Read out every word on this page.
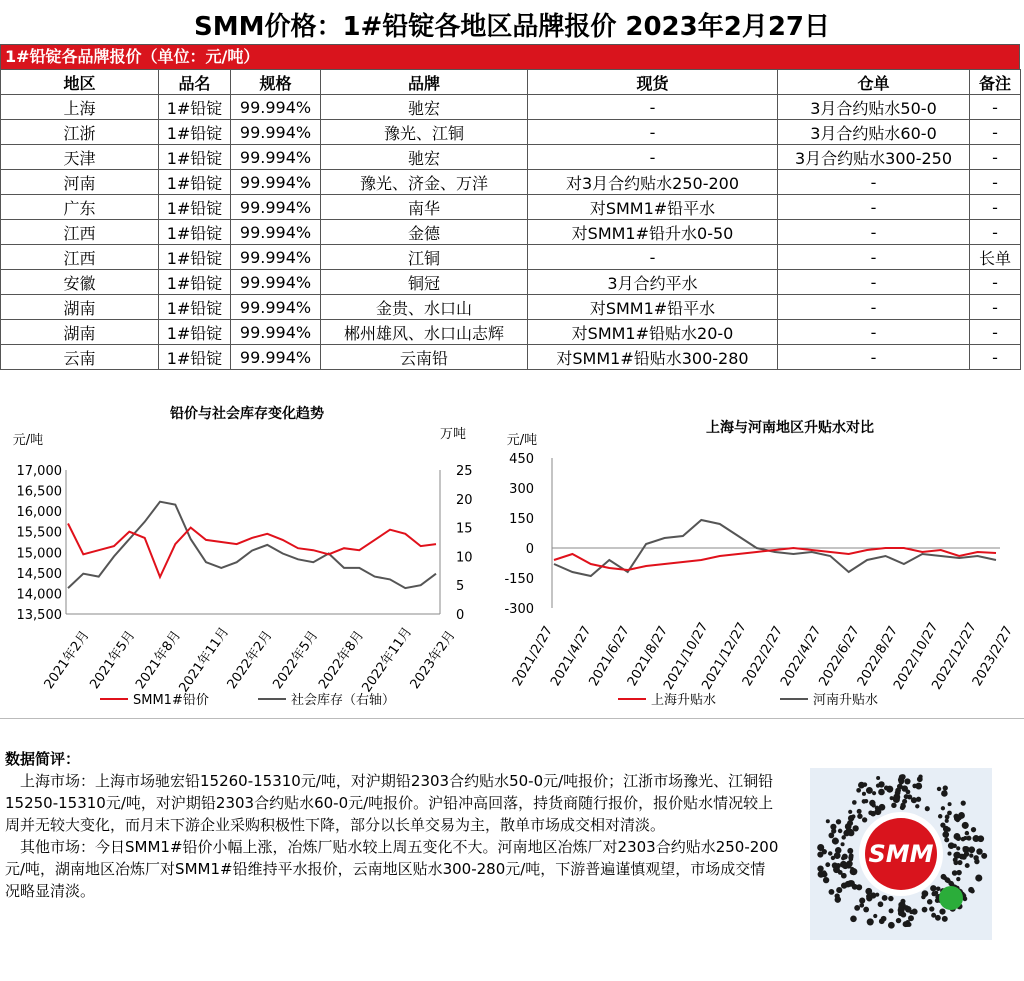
SMM价格：1#铅锭各地区品牌报价 2023年2月27日
1#铅锭各品牌报价（单位：元/吨）
地区	品名	规格	品牌	现货	仓单	备注
上海	1#铅锭	99.994%	驰宏	-	3月合约贴水50-0	-
江浙	1#铅锭	99.994%	豫光、江铜	-	3月合约贴水60-0	-
天津	1#铅锭	99.994%	驰宏	-	3月合约贴水300-250	-
河南	1#铅锭	99.994%	豫光、济金、万洋	对3月合约贴水250-200	-	-
广东	1#铅锭	99.994%	南华	对SMM1#铅平水	-	-
江西	1#铅锭	99.994%	金德	对SMM1#铅升水0-50	-	-
江西	1#铅锭	99.994%	江铜	-	-	长单
安徽	1#铅锭	99.994%	铜冠	3月合约平水	-	-
湖南	1#铅锭	99.994%	金贵、水口山	对SMM1#铅平水	-	-
湖南	1#铅锭	99.994%	郴州雄风、水口山志辉	对SMM1#铅贴水20-0	-	-
云南	1#铅锭	99.994%	云南铅	对SMM1#铅贴水300-280	-	-
铅价与社会库存变化趋势
元/吨	万吨
17,000
16,500
16,000
15,500
15,000
14,500
14,000
13,500
25
20
15
10
5
0
2021年2月
2021年5月
2021年8月
2021年11月
2022年2月
2022年5月
2022年8月
2022年11月
2023年2月
SMM1#铅价	社会库存（右轴）
上海与河南地区升贴水对比
元/吨
450
300
150
0
-150
-300
2021/2/27
2021/4/27
2021/6/27
2021/8/27
2021/10/27
2021/12/27
2022/2/27
2022/4/27
2022/6/27
2022/8/27
2022/10/27
2022/12/27
2023/2/27
上海升贴水	河南升贴水
数据简评：

上海市场：上海市场驰宏铅15260-15310元/吨，对沪期铅2303合约贴水50-0元/吨报价；江浙市场豫光、江铜铅15250-15310元/吨，对沪期铅2303合约贴水60-0元/吨报价。沪铅冲高回落，持货商随行报价，报价贴水情况较上周并无较大变化，而月末下游企业采购积极性下降，部分以长单交易为主，散单市场成交相对清淡。

其他市场：今日SMM1#铅价小幅上涨，冶炼厂贴水较上周五变化不大。河南地区冶炼厂对2303合约贴水250-200元/吨，湖南地区冶炼厂对SMM1#铅维持平水报价，云南地区贴水300-280元/吨，下游普遍谨慎观望，市场成交情况略显清淡。

SMM
